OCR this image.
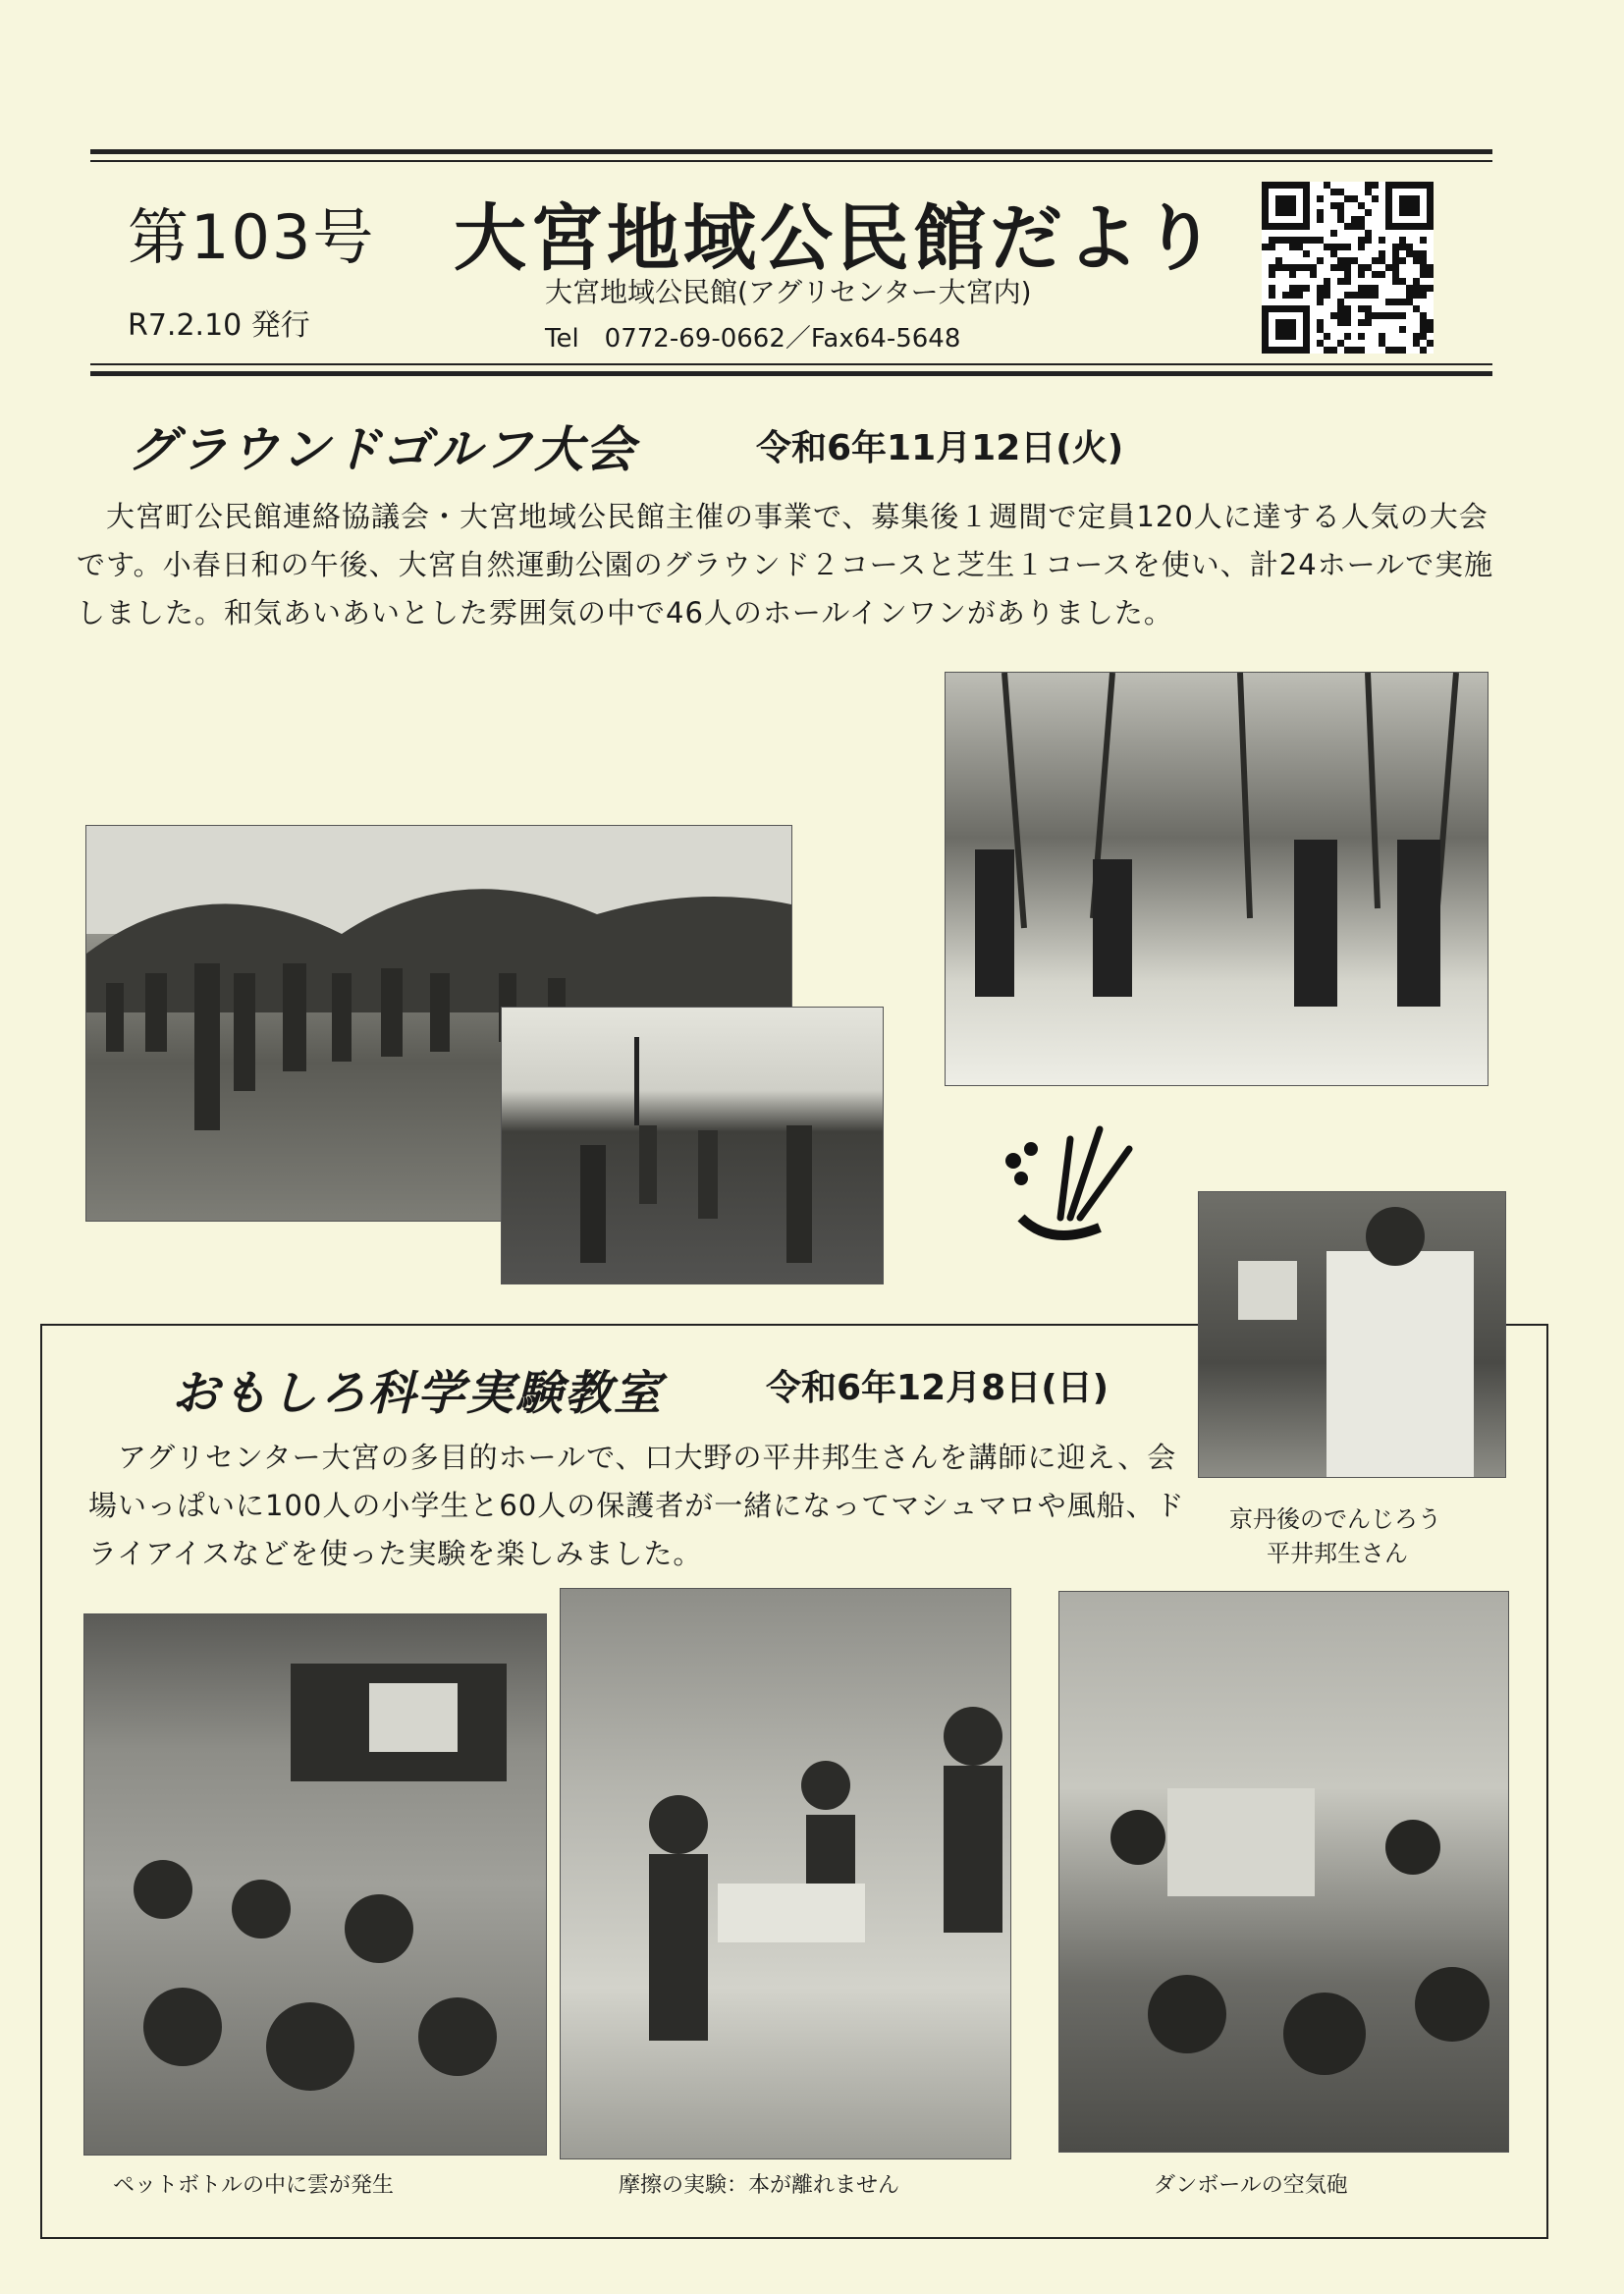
第103号 大宮地域公民館だより
大宮地域公民館(アグリセンター大宮内)
R7.2.10 発行	Tel　0772-69-0662／Fax64-5648
グラウンドゴルフ大会	令和6年11月12日(火)
　大宮町公民館連絡協議会・大宮地域公民館主催の事業で、募集後１週間で定員120人に達する人気の大会です。小春日和の午後、大宮自然運動公園のグラウンド２コースと芝生１コースを使い、計24ホールで実施しました。和気あいあいとした雰囲気の中で46人のホールインワンがありました。
おもしろ科学実験教室	令和6年12月8日(日)
　アグリセンター大宮の多目的ホールで、口大野の平井邦生さんを講師に迎え、会場いっぱいに100人の小学生と60人の保護者が一緒になってマシュマロや風船、ドライアイスなどを使った実験を楽しみました。
京丹後のでんじろう
平井邦生さん
ペットボトルの中に雲が発生	摩擦の実験：本が離れません	ダンボールの空気砲
